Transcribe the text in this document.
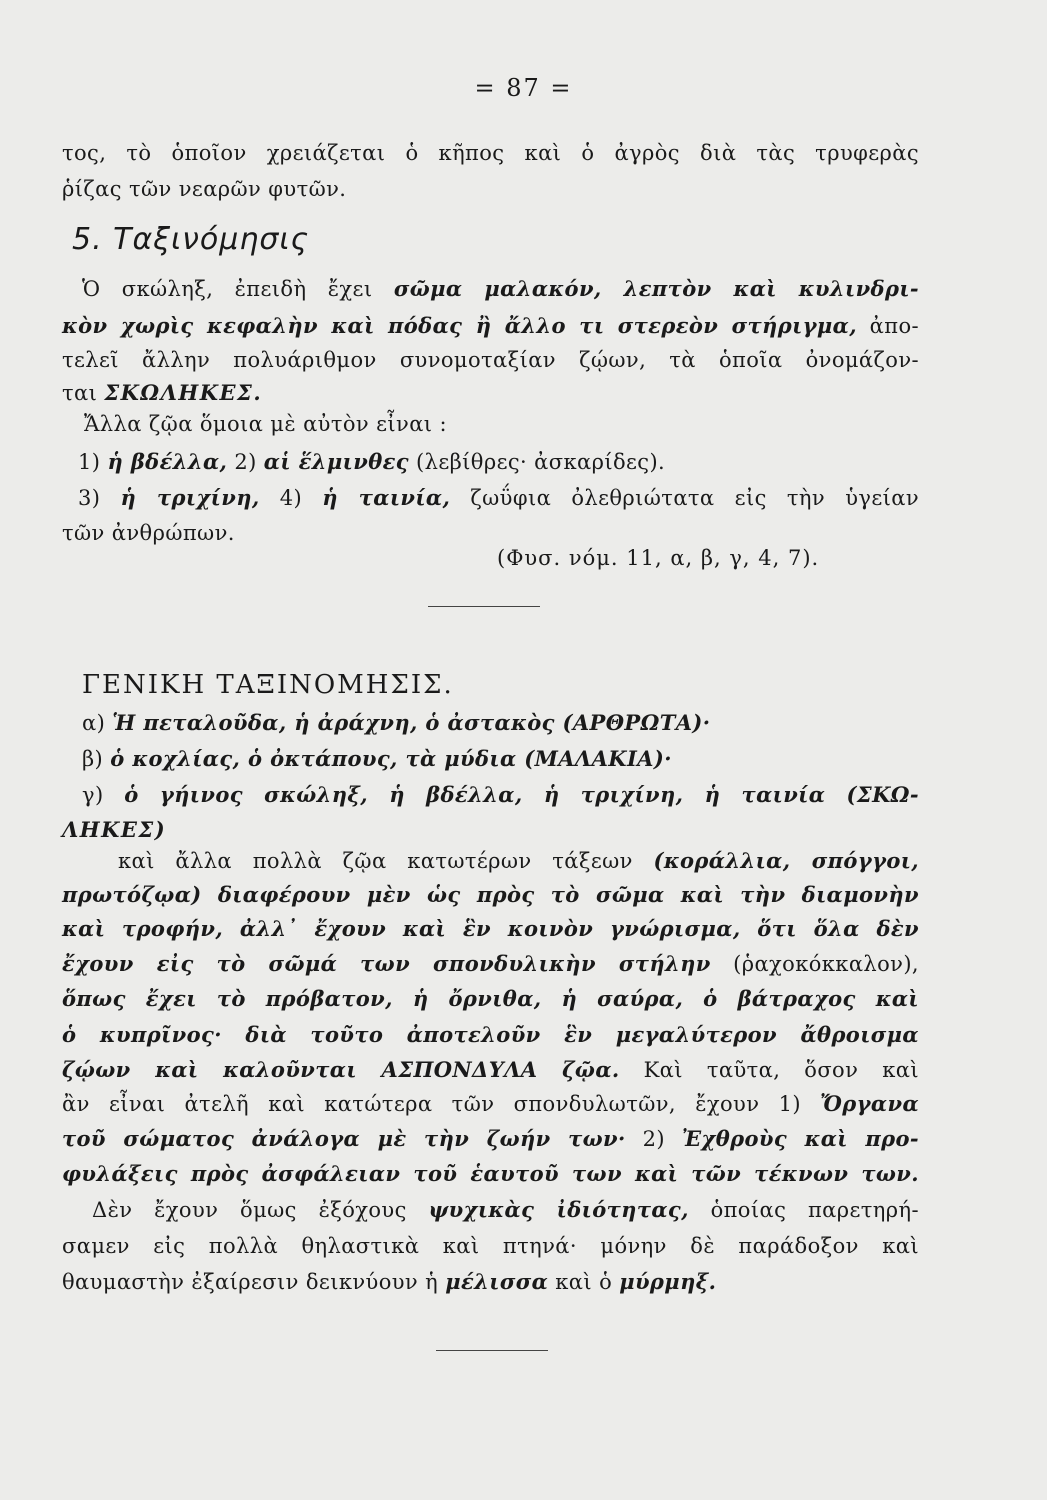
= 87 =
τος, τὸ ὁποῖον χρειάζεται ὁ κῆπος καὶ ὁ ἀγρὸς διὰ τὰς τρυφερὰς
ῥίζας τῶν νεαρῶν φυτῶν.
5. Ταξινόμησις
Ὁ σκώληξ, ἐπειδὴ ἔχει σῶμα μαλακόν, λεπτὸν καὶ κυλινδρι-
κὸν χωρὶς κεφαλὴν καὶ πόδας ἢ ἄλλο τι στερεὸν στήριγμα, ἀπο-
τελεῖ ἄλλην πολυάριθμον συνομοταξίαν ζῴων, τὰ ὁποῖα ὀνομάζον-
ται ΣΚΩΛΗΚΕΣ.
Ἄλλα ζῷα ὅμοια μὲ αὐτὸν εἶναι :
1) ἡ βδέλλα, 2) αἱ ἕλμινθες (λεβίθρες· ἀσκαρίδες).
3) ἡ τριχίνη, 4) ἡ ταινία, ζωΰφια ὀλεθριώτατα εἰς τὴν ὑγείαν
τῶν ἀνθρώπων.
(Φυσ. νόμ. 11, α, β, γ, 4, 7).
ΓΕΝΙΚΗ ΤΑΞΙΝΟΜΗΣΙΣ.
α) Ἡ πεταλοῦδα, ἡ ἀράχνη, ὁ ἀστακὸς (ΑΡΘΡΩΤΑ)·
β) ὁ κοχλίας, ὁ ὀκτάπους, τὰ μύδια (ΜΑΛΑΚΙΑ)·
γ) ὁ γήινος σκώληξ, ἡ βδέλλα, ἡ τριχίνη, ἡ ταινία (ΣΚΩ-
ΛΗΚΕΣ)
καὶ ἄλλα πολλὰ ζῷα κατωτέρων τάξεων (κοράλλια, σπόγγοι,
πρωτόζῳα) διαφέρουν μὲν ὡς πρὸς τὸ σῶμα καὶ τὴν διαμονὴν
καὶ τροφήν, ἀλλ᾿ ἔχουν καὶ ἓν κοινὸν γνώρισμα, ὅτι ὅλα δὲν
ἔχουν εἰς τὸ σῶμά των σπονδυλικὴν στήλην (ῥαχοκόκκαλον),
ὅπως ἔχει τὸ πρόβατον, ἡ ὄρνιθα, ἡ σαύρα, ὁ βάτραχος καὶ
ὁ κυπρῖνος· διὰ τοῦτο ἀποτελοῦν ἓν μεγαλύτερον ἄθροισμα
ζῴων καὶ καλοῦνται ΑΣΠΟΝΔΥΛΑ ζῷα. Καὶ ταῦτα, ὅσον καὶ
ἂν εἶναι ἀτελῆ καὶ κατώτερα τῶν σπονδυλωτῶν, ἔχουν 1) Ὄργανα
τοῦ σώματος ἀνάλογα μὲ τὴν ζωήν των· 2) Ἐχθροὺς καὶ προ-
φυλάξεις πρὸς ἀσφάλειαν τοῦ ἑαυτοῦ των καὶ τῶν τέκνων των.
Δὲν ἔχουν ὅμως ἐξόχους ψυχικὰς ἰδιότητας, ὁποίας παρετηρή-
σαμεν εἰς πολλὰ θηλαστικὰ καὶ πτηνά· μόνην δὲ παράδοξον καὶ
θαυμαστὴν ἐξαίρεσιν δεικνύουν ἡ μέλισσα καὶ ὁ μύρμηξ.
